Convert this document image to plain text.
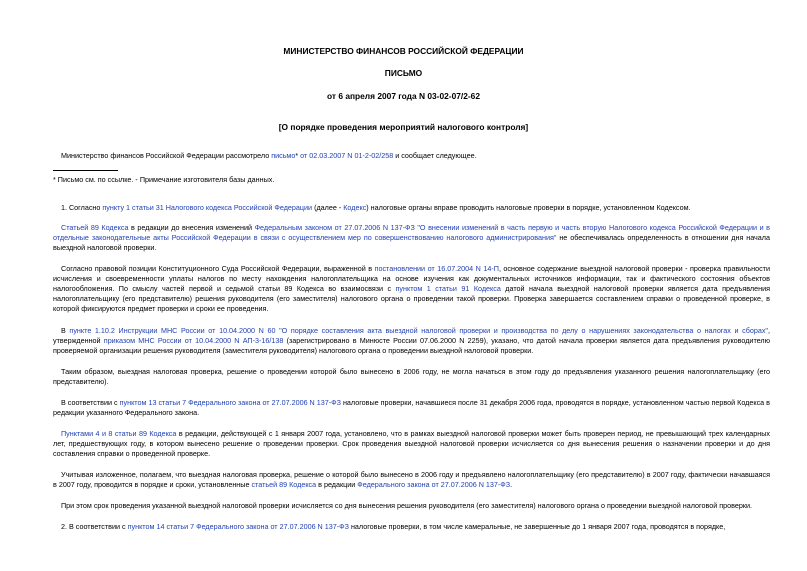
МИНИСТЕРСТВО ФИНАНСОВ РОССИЙСКОЙ ФЕДЕРАЦИИ

ПИСЬМО

от 6 апреля 2007 года N 03-02-07/2-62

[О порядке проведения мероприятий налогового контроля]

Министерство финансов Российской Федерации рассмотрело письмо* от 02.03.2007 N 01-2-02/258 и сообщает следующее.

* Письмо см. по ссылке. - Примечание изготовителя базы данных.

1. Согласно пункту 1 статьи 31 Налогового кодекса Российской Федерации (далее - Кодекс) налоговые органы вправе проводить налоговые проверки в порядке, установленном Кодексом.

Статьей 89 Кодекса в редакции до внесения изменений Федеральным законом от 27.07.2006 N 137-ФЗ "О внесении изменений в часть первую и часть вторую Налогового кодекса Российской Федерации и в отдельные законодательные акты Российской Федерации в связи с осуществлением мер по совершенствованию налогового администрирования" не обеспечивалась определенность в отношении дня начала выездной налоговой проверки.

Согласно правовой позиции Конституционного Суда Российской Федерации, выраженной в постановлении от 16.07.2004 N 14-П, основное содержание выездной налоговой проверки - проверка правильности исчисления и своевременности уплаты налогов по месту нахождения налогоплательщика на основе изучения как документальных источников информации, так и фактического состояния объектов налогообложения. По смыслу частей первой и седьмой статьи 89 Кодекса во взаимосвязи с пунктом 1 статьи 91 Кодекса датой начала выездной налоговой проверки является дата предъявления налогоплательщику (его представителю) решения руководителя (его заместителя) налогового органа о проведении такой проверки. Проверка завершается составлением справки о проведенной проверке, в которой фиксируются предмет проверки и сроки ее проведения.

В пункте 1.10.2 Инструкции МНС России от 10.04.2000 N 60 "О порядке составления акта выездной налоговой проверки и производства по делу о нарушениях законодательства о налогах и сборах", утвержденной приказом МНС России от 10.04.2000 N АП-3-16/138 (зарегистрировано в Минюсте России 07.06.2000 N 2259), указано, что датой начала проверки является дата предъявления руководителю проверяемой организации решения руководителя (заместителя руководителя) налогового органа о проведении выездной налоговой проверки.

Таким образом, выездная налоговая проверка, решение о проведении которой было вынесено в 2006 году, не могла начаться в этом году до предъявления указанного решения налогоплательщику (его представителю).

В соответствии с пунктом 13 статьи 7 Федерального закона от 27.07.2006 N 137-ФЗ налоговые проверки, начавшиеся после 31 декабря 2006 года, проводятся в порядке, установленном частью первой Кодекса в редакции указанного Федерального закона.

Пунктами 4 и 8 статьи 89 Кодекса в редакции, действующей с 1 января 2007 года, установлено, что в рамках выездной налоговой проверки может быть проверен период, не превышающий трех календарных лет, предшествующих году, в котором вынесено решение о проведении проверки. Срок проведения выездной налоговой проверки исчисляется со дня вынесения решения о назначении проверки и до дня составления справки о проведенной проверке.

Учитывая изложенное, полагаем, что выездная налоговая проверка, решение о которой было вынесено в 2006 году и предъявлено налогоплательщику (его представителю) в 2007 году, фактически начавшаяся в 2007 году, проводится в порядке и сроки, установленные статьей 89 Кодекса в редакции Федерального закона от 27.07.2006 N 137-ФЗ.

При этом срок проведения указанной выездной налоговой проверки исчисляется со дня вынесения решения руководителя (его заместителя) налогового органа о проведении выездной налоговой проверки.

2. В соответствии с пунктом 14 статьи 7 Федерального закона от 27.07.2006 N 137-ФЗ налоговые проверки, в том числе камеральные, не завершенные до 1 января 2007 года, проводятся в порядке,
